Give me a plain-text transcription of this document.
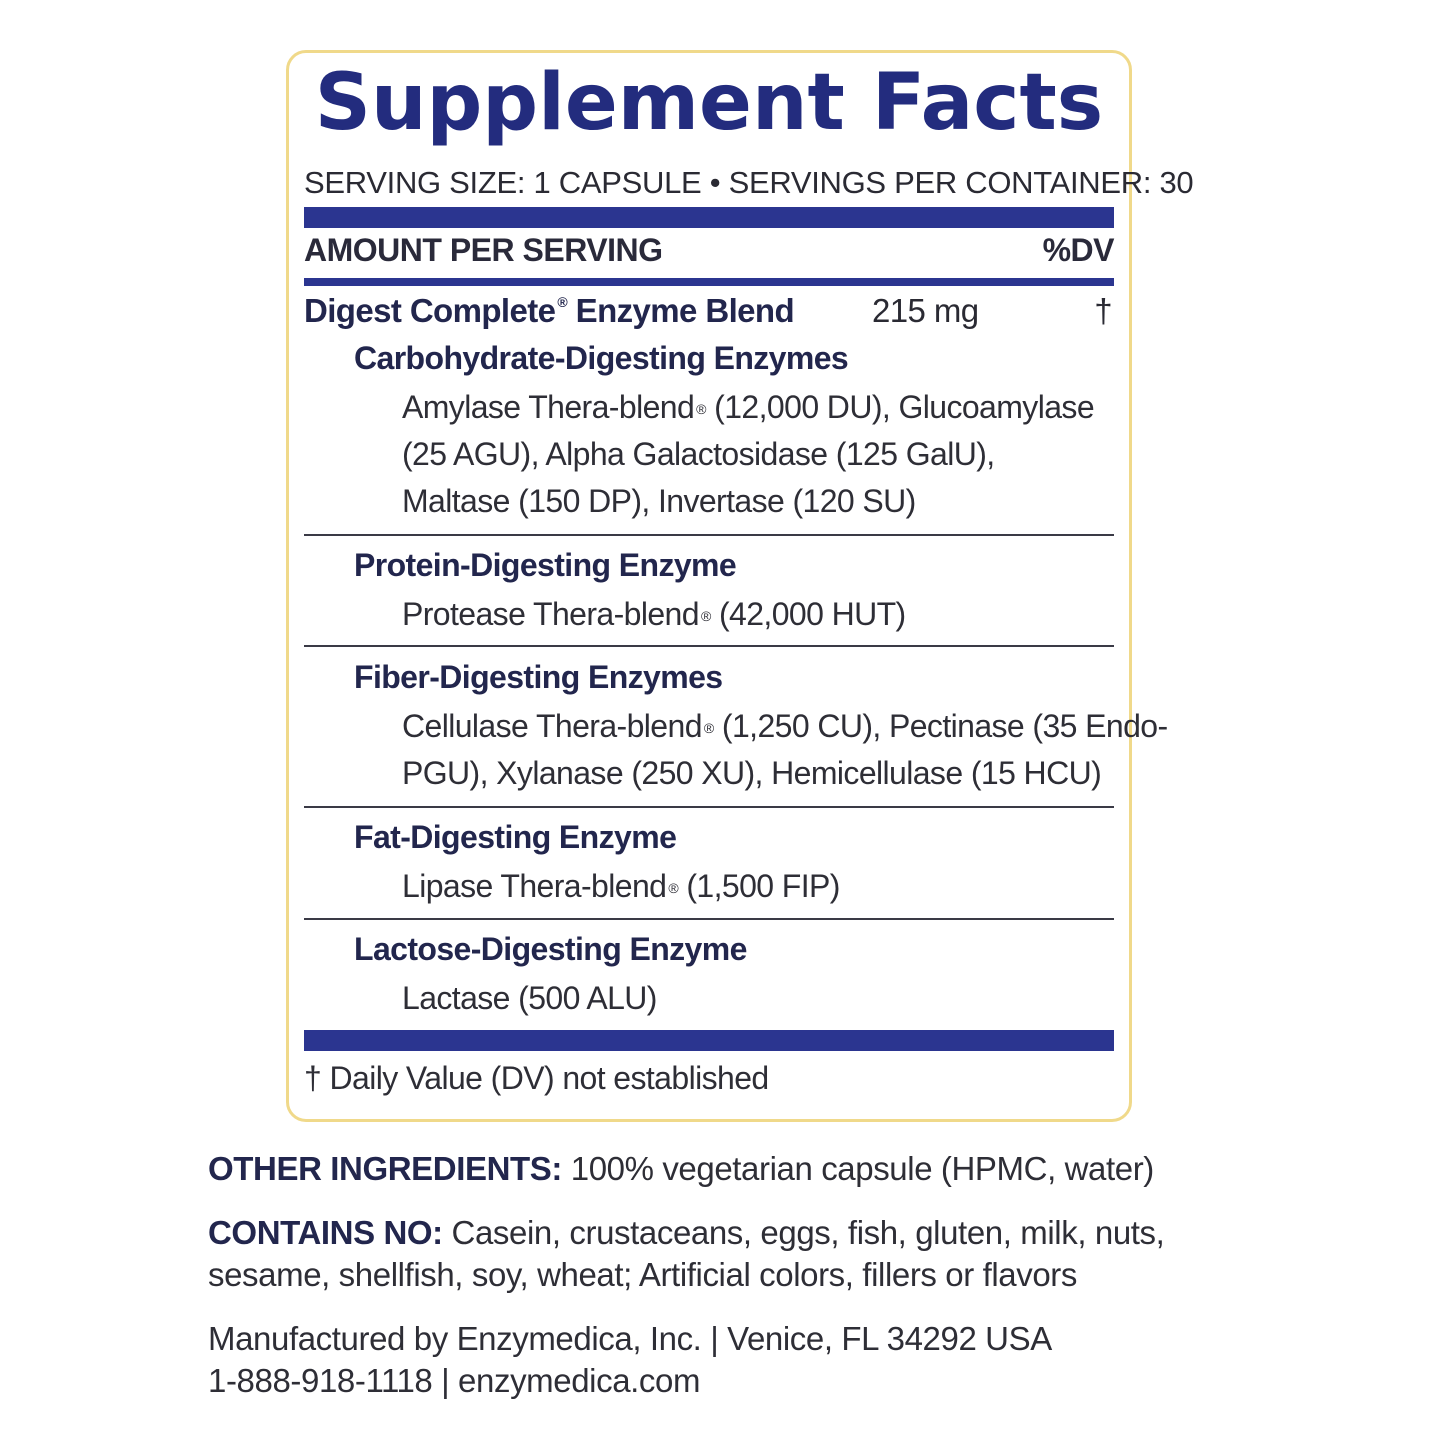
Supplement Facts
SERVING SIZE: 1 CAPSULE • SERVINGS PER CONTAINER: 30
AMOUNT PER SERVING	%DV
Digest Complete ® Enzyme Blend 215 mg	†
Carbohydrate-Digesting Enzymes
Amylase Thera-blend ® (12,000 DU), Glucoamylase
(25 AGU), Alpha Galactosidase (125 GalU),
Maltase (150 DP), Invertase (120 SU)
Protein-Digesting Enzyme
Protease Thera-blend ® (42,000 HUT)
Fiber-Digesting Enzymes
Cellulase Thera-blend ® (1,250 CU), Pectinase (35 Endo-
PGU), Xylanase (250 XU), Hemicellulase (15 HCU)
Fat-Digesting Enzyme
Lipase Thera-blend ® (1,500 FIP)
Lactose-Digesting Enzyme
Lactase (500 ALU)
† Daily Value (DV) not established
OTHER INGREDIENTS: 100% vegetarian capsule (HPMC, water)
CONTAINS NO: Casein, crustaceans, eggs, fish, gluten, milk, nuts,
sesame, shellfish, soy, wheat; Artificial colors, fillers or flavors
Manufactured by Enzymedica, Inc. | Venice, FL 34292 USA
1-888-918-1118 | enzymedica.com
